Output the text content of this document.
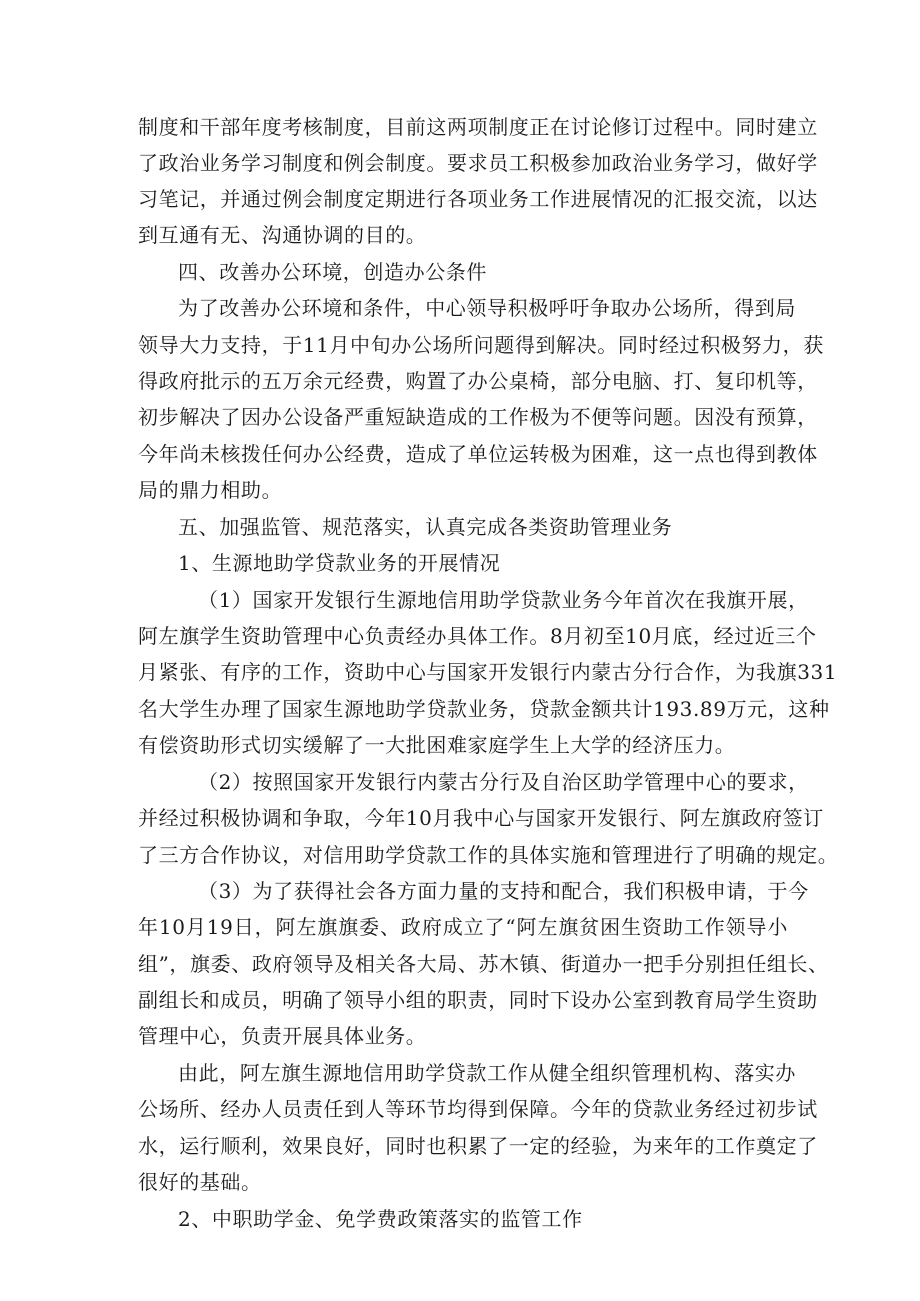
制度和干部年度考核制度，目前这两项制度正在讨论修订过程中。同时建立
了政治业务学习制度和例会制度。要求员工积极参加政治业务学习，做好学
习笔记，并通过例会制度定期进行各项业务工作进展情况的汇报交流，以达
到互通有无、沟通协调的目的。
四、改善办公环境，创造办公条件
为了改善办公环境和条件，中心领导积极呼吁争取办公场所，得到局
领导大力支持，于11月中旬办公场所问题得到解决。同时经过积极努力，获
得政府批示的五万余元经费，购置了办公桌椅，部分电脑、打、复印机等，
初步解决了因办公设备严重短缺造成的工作极为不便等问题。因没有预算，
今年尚未核拨任何办公经费，造成了单位运转极为困难，这一点也得到教体
局的鼎力相助。
五、加强监管、规范落实，认真完成各类资助管理业务
1、生源地助学贷款业务的开展情况
（1）国家开发银行生源地信用助学贷款业务今年首次在我旗开展，
阿左旗学生资助管理中心负责经办具体工作。8月初至10月底，经过近三个
月紧张、有序的工作，资助中心与国家开发银行内蒙古分行合作，为我旗331
名大学生办理了国家生源地助学贷款业务，贷款金额共计193.89万元，这种
有偿资助形式切实缓解了一大批困难家庭学生上大学的经济压力。
（2）按照国家开发银行内蒙古分行及自治区助学管理中心的要求，
并经过积极协调和争取，今年10月我中心与国家开发银行、阿左旗政府签订
了三方合作协议，对信用助学贷款工作的具体实施和管理进行了明确的规定。
（3）为了获得社会各方面力量的支持和配合，我们积极申请，于今
年10月19日，阿左旗旗委、政府成立了“阿左旗贫困生资助工作领导小
组”，旗委、政府领导及相关各大局、苏木镇、街道办一把手分别担任组长、
副组长和成员，明确了领导小组的职责，同时下设办公室到教育局学生资助
管理中心，负责开展具体业务。
由此，阿左旗生源地信用助学贷款工作从健全组织管理机构、落实办
公场所、经办人员责任到人等环节均得到保障。今年的贷款业务经过初步试
水，运行顺利，效果良好，同时也积累了一定的经验，为来年的工作奠定了
很好的基础。
2、中职助学金、免学费政策落实的监管工作
